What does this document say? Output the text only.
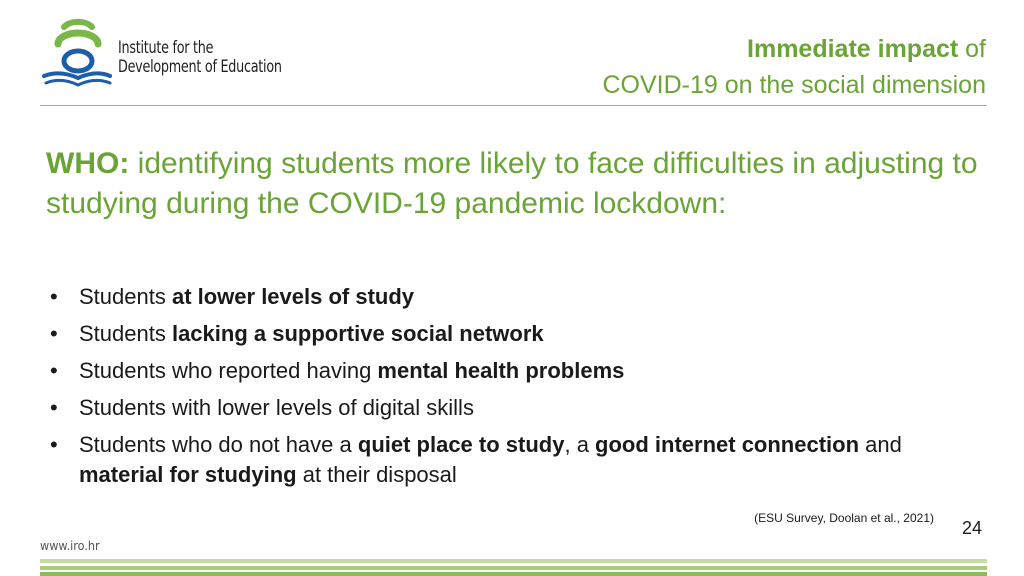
Institute for the
Development of Education
Immediate impact of
COVID-19 on the social dimension
WHO: identifying students more likely to face difficulties in adjusting to studying during the COVID-19 pandemic lockdown:
• Students at lower levels of study
• Students lacking a supportive social network
• Students who reported having mental health problems
• Students with lower levels of digital skills
• Students who do not have a quiet place to study, a good internet connection and material for studying at their disposal
(ESU Survey, Doolan et al., 2021) 24
www.iro.hr
